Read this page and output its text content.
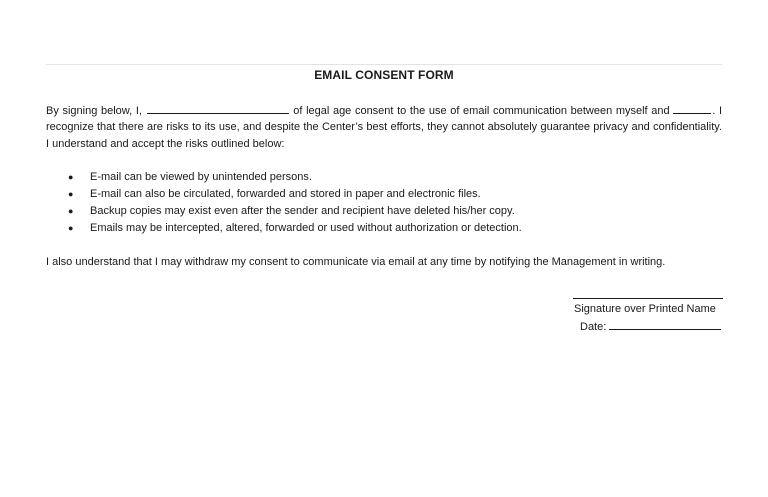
EMAIL CONSENT FORM
By signing below, I,	of legal age consent to the use of email communication between myself and	. I recognize that there are risks to its use, and despite the Center’s best efforts, they cannot absolutely guarantee privacy and confidentiality. I understand and accept the risks outlined below:
● E-mail can be viewed by unintended persons.
● E-mail can also be circulated, forwarded and stored in paper and electronic files.
● Backup copies may exist even after the sender and recipient have deleted his/her copy.
● Emails may be intercepted, altered, forwarded or used without authorization or detection.
I also understand that I may withdraw my consent to communicate via email at any time by notifying the Management in writing.
Signature over Printed Name
Date:
